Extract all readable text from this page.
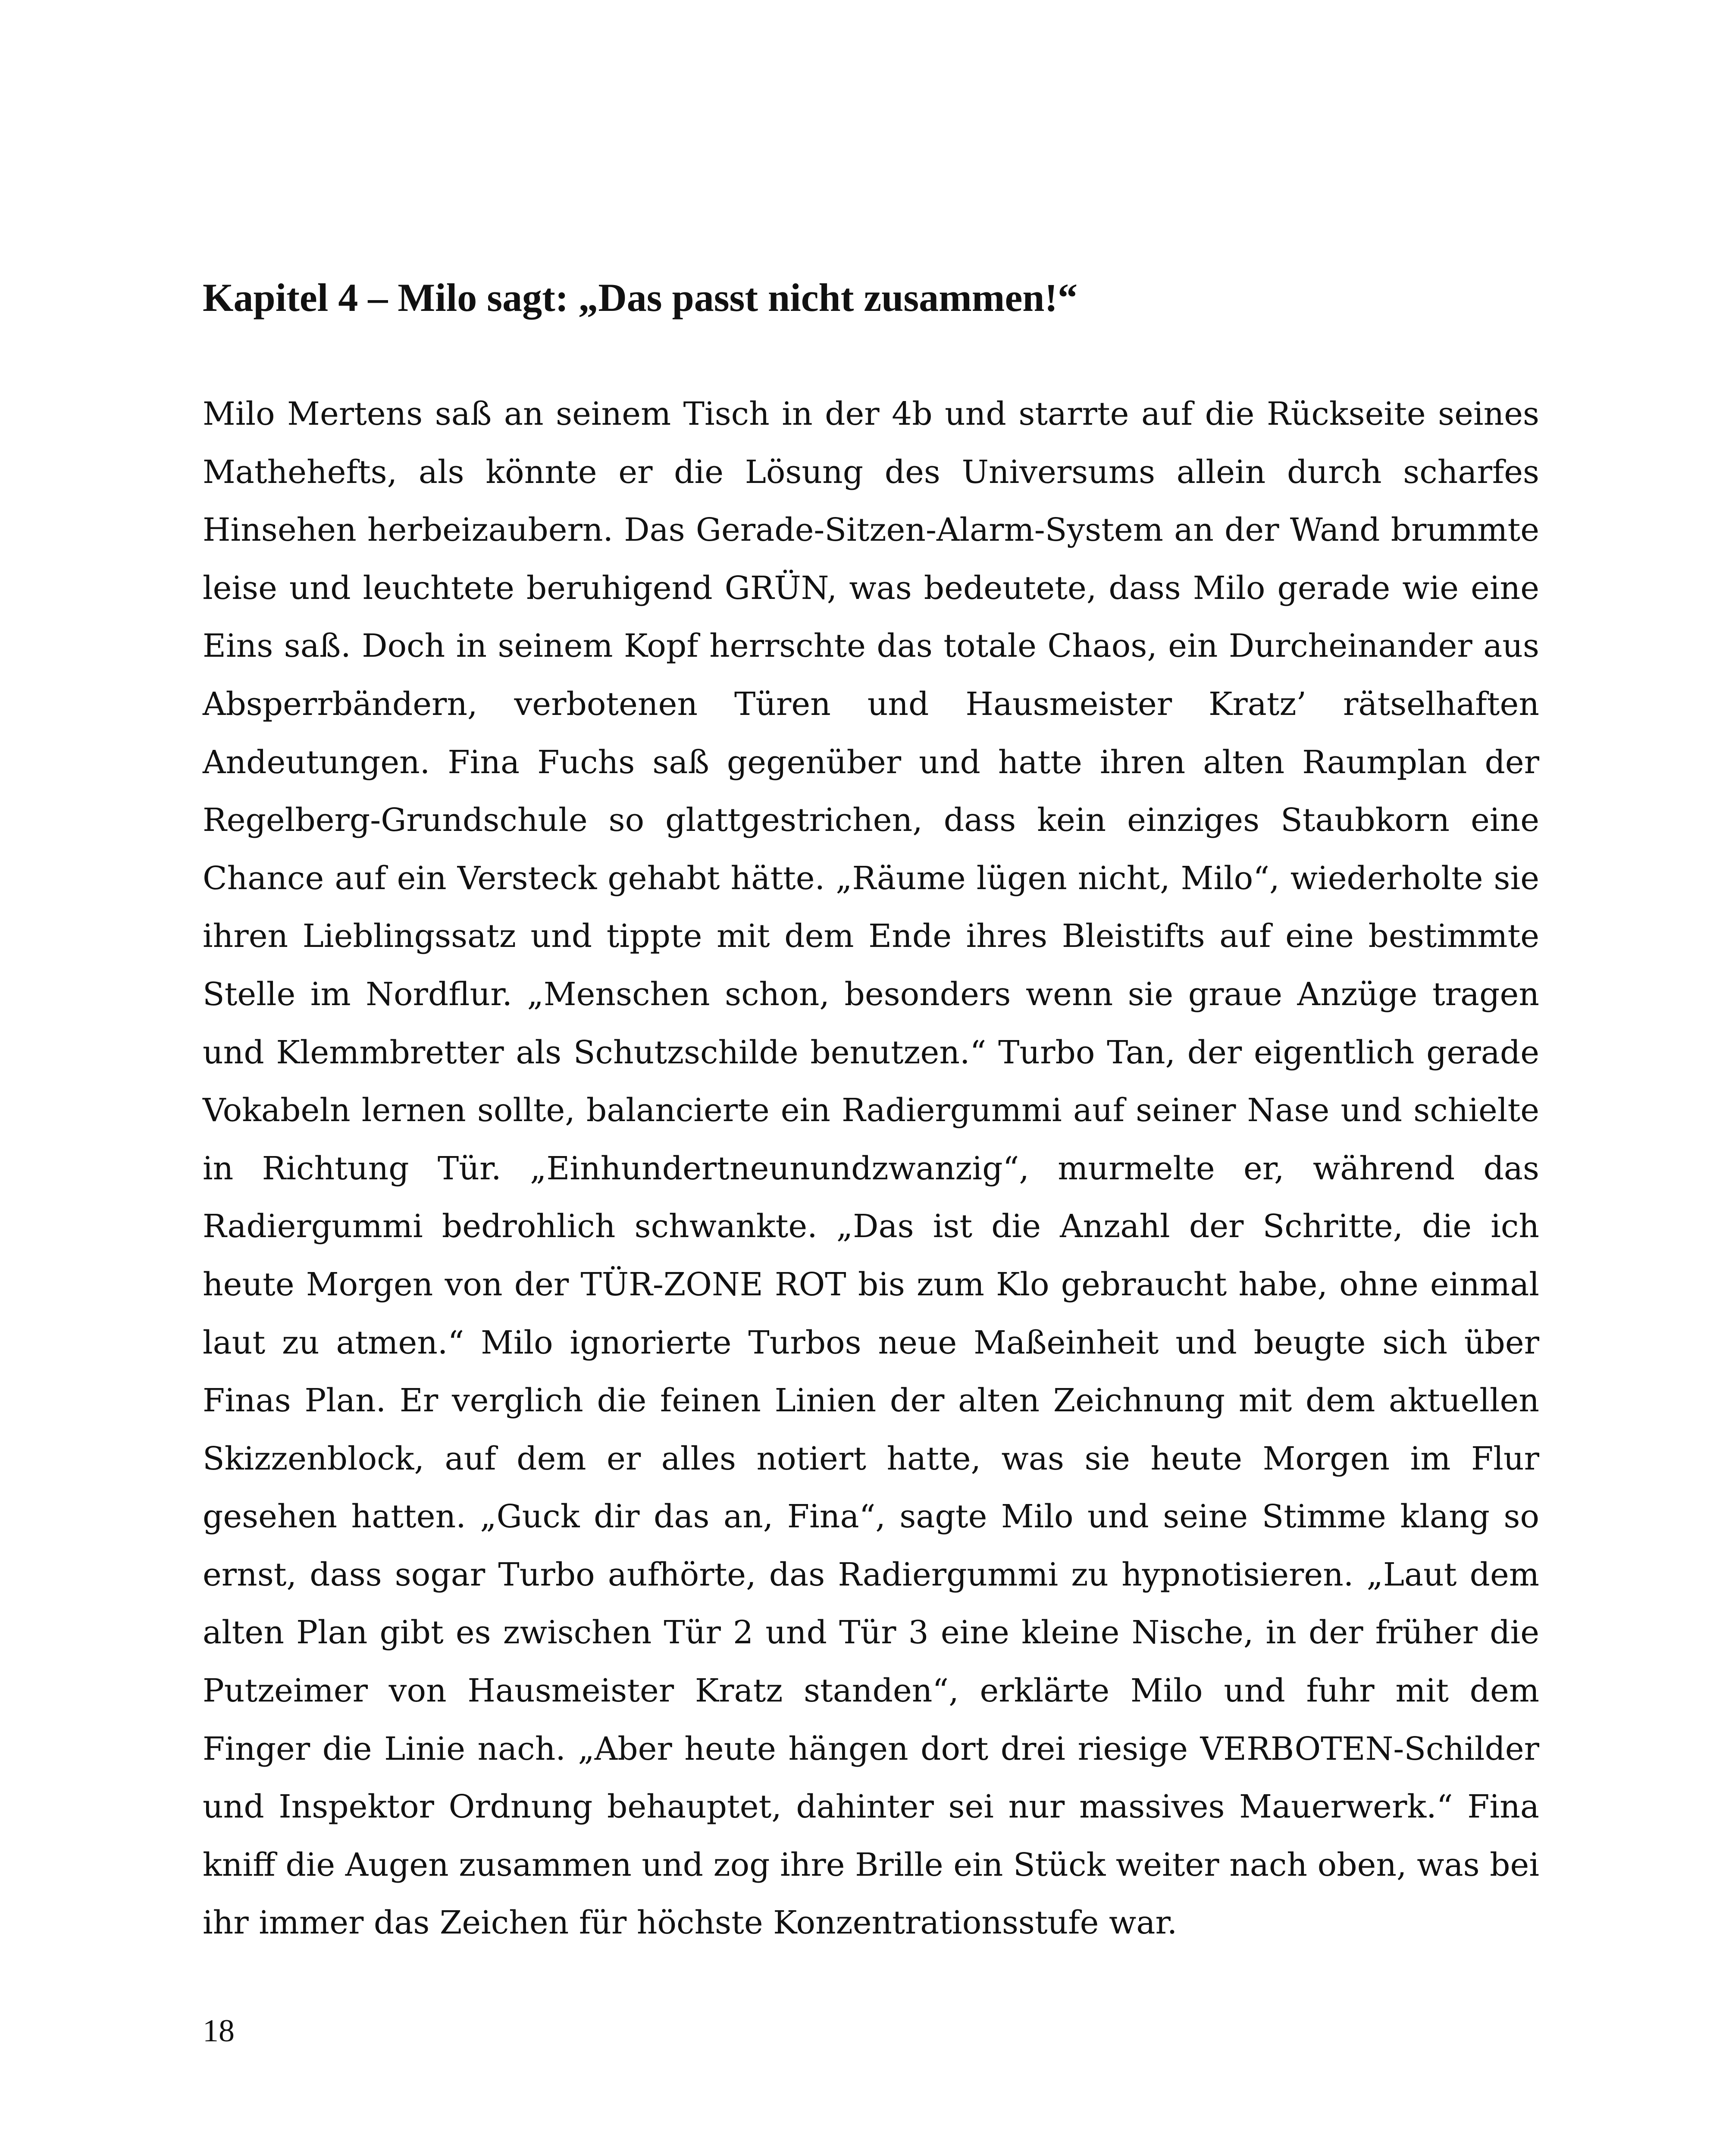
Kapitel 4 – Milo sagt: „Das passt nicht zusammen!“

Milo Mertens saß an seinem Tisch in der 4b und starrte auf die Rückseite seines Mathehefts, als könnte er die Lösung des Universums allein durch scharfes Hinsehen herbeizaubern. Das Gerade-Sitzen-Alarm-System an der Wand brummte leise und leuchtete beruhigend GRÜN, was bedeutete, dass Milo gerade wie eine Eins saß. Doch in seinem Kopf herrschte das totale Chaos, ein Durcheinander aus Absperrbändern, verbotenen Türen und Hausmeister Kratz’ rätselhaften Andeutungen. Fina Fuchs saß gegenüber und hatte ihren alten Raumplan der Regelberg-Grundschule so glattgestrichen, dass kein einziges Staubkorn eine Chance auf ein Versteck gehabt hätte. „Räume lügen nicht, Milo“, wiederholte sie ihren Lieblingssatz und tippte mit dem Ende ihres Bleistifts auf eine bestimmte Stelle im Nordflur. „Menschen schon, besonders wenn sie graue Anzüge tragen und Klemmbretter als Schutzschilde benutzen.“ Turbo Tan, der eigentlich gerade Vokabeln lernen sollte, balancierte ein Radiergummi auf seiner Nase und schielte in Richtung Tür. „Einhundertneunundzwanzig“, murmelte er, während das Radiergummi bedrohlich schwankte. „Das ist die Anzahl der Schritte, die ich heute Morgen von der TÜR-ZONE ROT bis zum Klo gebraucht habe, ohne einmal laut zu atmen.“ Milo ignorierte Turbos neue Maßeinheit und beugte sich über Finas Plan. Er verglich die feinen Linien der alten Zeichnung mit dem aktuellen Skizzenblock, auf dem er alles notiert hatte, was sie heute Morgen im Flur gesehen hatten. „Guck dir das an, Fina“, sagte Milo und seine Stimme klang so ernst, dass sogar Turbo aufhörte, das Radiergummi zu hypnotisieren. „Laut dem alten Plan gibt es zwischen Tür 2 und Tür 3 eine kleine Nische, in der früher die Putzeimer von Hausmeister Kratz standen“, erklärte Milo und fuhr mit dem Finger die Linie nach. „Aber heute hängen dort drei riesige VERBOTEN-Schilder und Inspektor Ordnung behauptet, dahinter sei nur massives Mauerwerk.“ Fina kniff die Augen zusammen und zog ihre Brille ein Stück weiter nach oben, was bei ihr immer das Zeichen für höchste Konzentrationsstufe war.

18
